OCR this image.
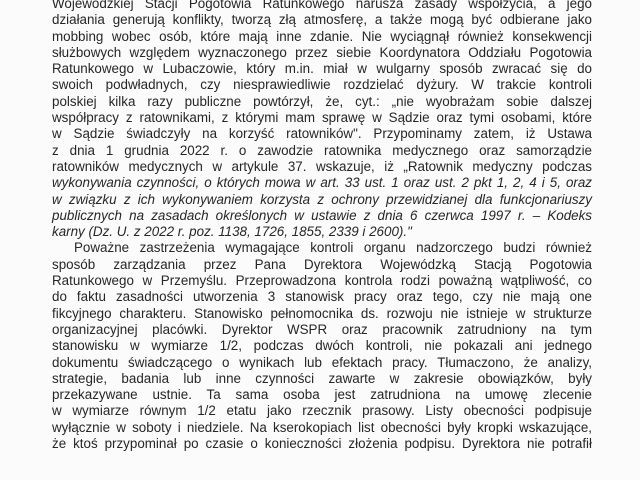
Wojewódzkiej Stacji Pogotowia Ratunkowego narusza zasady współżycia, a jego
działania generują konflikty, tworzą złą atmosferę, a także mogą być odbierane jako
mobbing wobec osób, które mają inne zdanie. Nie wyciągnął również konsekwencji
służbowych względem wyznaczonego przez siebie Koordynatora Oddziału Pogotowia
Ratunkowego w Lubaczowie, który m.in. miał w wulgarny sposób zwracać się do
swoich podwładnych, czy niesprawiedliwie rozdzielać dyżury. W trakcie kontroli
polskiej kilka razy publiczne powtórzył, że, cyt.: „nie wyobrażam sobie dalszej
współpracy z ratownikami, z którymi mam sprawę w Sądzie oraz tymi osobami, które
w Sądzie świadczyły na korzyść ratowników". Przypominamy zatem, iż Ustawa
z dnia 1 grudnia 2022 r. o zawodzie ratownika medycznego oraz samorządzie
ratowników medycznych w artykule 37. wskazuje, iż „Ratownik medyczny podczas
wykonywania czynności, o których mowa w art. 33 ust. 1 oraz ust. 2 pkt 1, 2, 4 i 5, oraz
w związku z ich wykonywaniem korzysta z ochrony przewidzianej dla funkcjonariuszy
publicznych na zasadach określonych w ustawie z dnia 6 czerwca 1997 r. – Kodeks
karny (Dz. U. z 2022 r. poz. 1138, 1726, 1855, 2339 i 2600)."
Poważne zastrzeżenia wymagające kontroli organu nadzorczego budzi również
sposób zarządzania przez Pana Dyrektora Wojewódzką Stacją Pogotowia
Ratunkowego w Przemyślu. Przeprowadzona kontrola rodzi poważną wątpliwość, co
do faktu zasadności utworzenia 3 stanowisk pracy oraz tego, czy nie mają one
fikcyjnego charakteru. Stanowisko pełnomocnika ds. rozwoju nie istnieje w strukturze
organizacyjnej placówki. Dyrektor WSPR oraz pracownik zatrudniony na tym
stanowisku w wymiarze 1/2, podczas dwóch kontroli, nie pokazali ani jednego
dokumentu świadczącego o wynikach lub efektach pracy. Tłumaczono, że analizy,
strategie, badania lub inne czynności zawarte w zakresie obowiązków, były
przekazywane ustnie. Ta sama osoba jest zatrudniona na umowę zlecenie
w wymiarze równym 1/2 etatu jako rzecznik prasowy. Listy obecności podpisuje
wyłącznie w soboty i niedziele. Na kserokopiach list obecności były kropki wskazujące,
że ktoś przypominał po czasie o konieczności złożenia podpisu. Dyrektora nie potrafił
